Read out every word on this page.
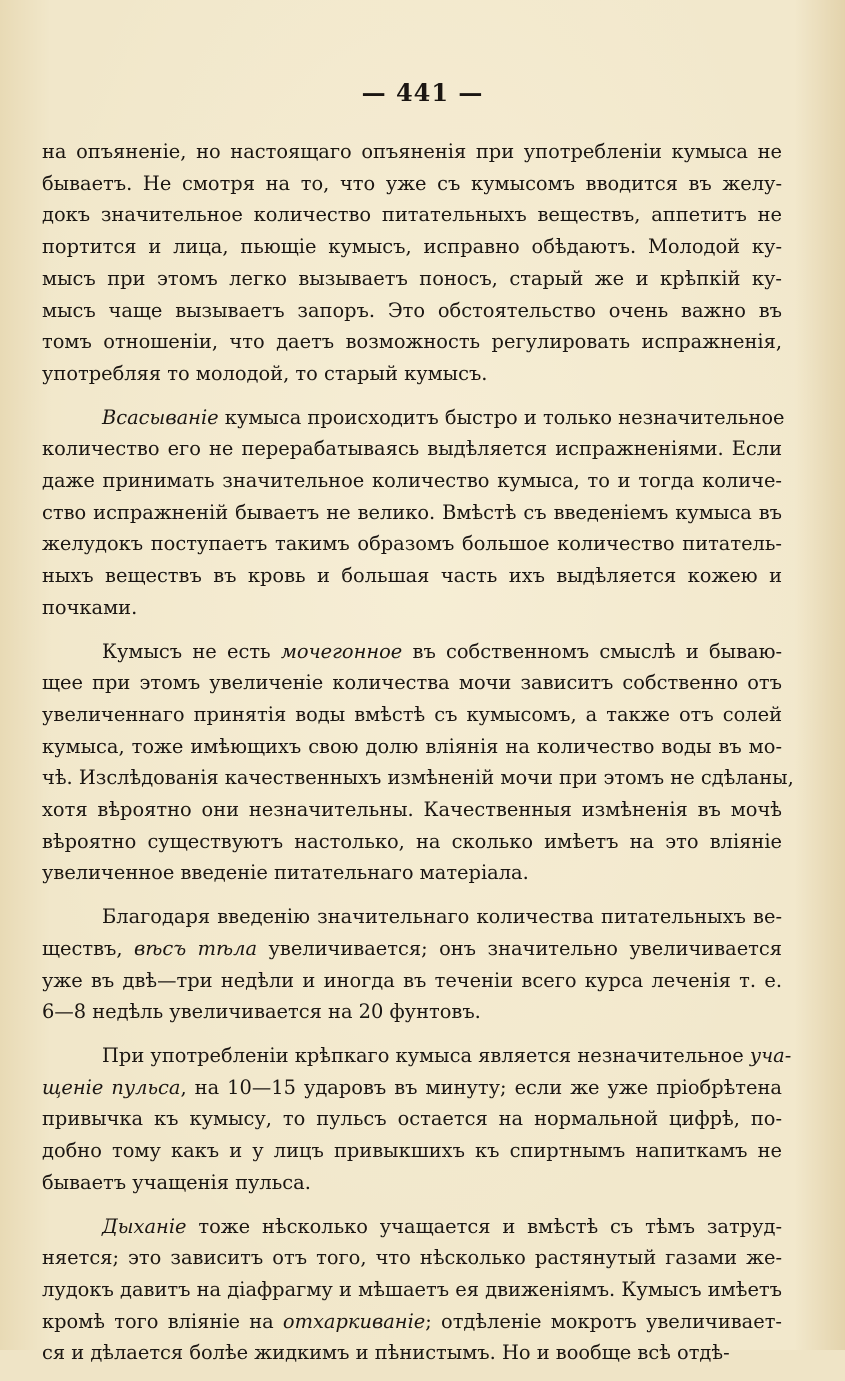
— 441 —
на опъяненіе, но настоящаго опъяненія при употребленіи кумыса не
бываетъ. Не смотря на то, что уже съ кумысомъ вводится въ желу-
докъ значительное количество питательныхъ веществъ, аппетитъ не
портится и лица, пьющіе кумысъ, исправно обѣдаютъ. Молодой ку-
мысъ при этомъ легко вызываетъ поносъ, старый же и крѣпкій ку-
мысъ чаще вызываетъ запоръ. Это обстоятельство очень важно въ
томъ отношеніи, что даетъ возможность регулировать испражненія,
употребляя то молодой, то старый кумысъ.
Всасываніе кумыса происходитъ быстро и только незначительное
количество его не перерабатываясь выдѣляется испражненіями. Если
даже принимать значительное количество кумыса, то и тогда количе-
ство испражненій бываетъ не велико. Вмѣстѣ съ введеніемъ кумыса въ
желудокъ поступаетъ такимъ образомъ большое количество питатель-
ныхъ веществъ въ кровь и большая часть ихъ выдѣляется кожею и
почками.
Кумысъ не есть мочегонное въ собственномъ смыслѣ и бываю-
щее при этомъ увеличеніе количества мочи зависитъ собственно отъ
увеличеннаго принятія воды вмѣстѣ съ кумысомъ, а также отъ солей
кумыса, тоже имѣющихъ свою долю вліянія на количество воды въ мо-
чѣ. Изслѣдованія качественныхъ измѣненій мочи при этомъ не сдѣланы,
хотя вѣроятно они незначительны. Качественныя измѣненія въ мочѣ
вѣроятно существуютъ настолько, на сколько имѣетъ на это вліяніе
увеличенное введеніе питательнаго матеріала.
Благодаря введенію значительнаго количества питательныхъ ве-
ществъ, вѣсъ тѣла увеличивается; онъ значительно увеличивается
уже въ двѣ—три недѣли и иногда въ теченіи всего курса леченія т. е.
6—8 недѣль увеличивается на 20 фунтовъ.
При употребленіи крѣпкаго кумыса является незначительное уча-
щеніе пульса, на 10—15 ударовъ въ минуту; если же уже пріобрѣтена
привычка къ кумысу, то пульсъ остается на нормальной цифрѣ, по-
добно тому какъ и у лицъ привыкшихъ къ спиртнымъ напиткамъ не
бываетъ учащенія пульса.
Дыханіе тоже нѣсколько учащается и вмѣстѣ съ тѣмъ затруд-
няется; это зависитъ отъ того, что нѣсколько растянутый газами же-
лудокъ давитъ на діафрагму и мѣшаетъ ея движеніямъ. Кумысъ имѣетъ
кромѣ того вліяніе на отхаркиваніе; отдѣленіе мокротъ увеличивает-
ся и дѣлается болѣе жидкимъ и пѣнистымъ. Но и вообще всѣ отдѣ-
